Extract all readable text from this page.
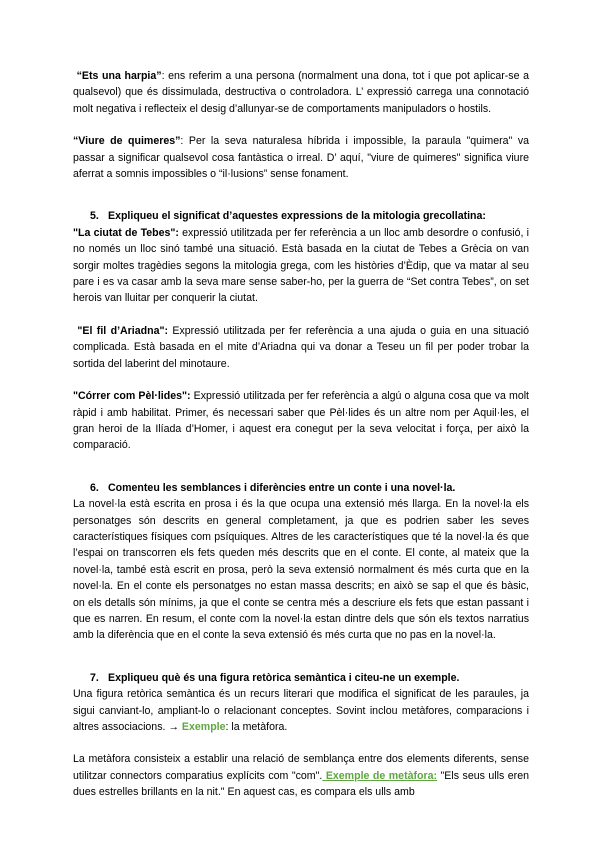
“Ets una harpia”: ens referim a una persona (normalment una dona, tot i que pot aplicar-se a qualsevol) que és dissimulada, destructiva o controladora. L’ expressió carrega una connotació molt negativa i reflecteix el desig d’allunyar-se de comportaments manipuladors o hostils.

“Viure de quimeres”: Per la seva naturalesa híbrida i impossible, la paraula "quimera" va passar a significar qualsevol cosa fantàstica o irreal. D’ aquí, "viure de quimeres" significa viure aferrat a somnis impossibles o “il·lusions” sense fonament.

5. Expliqueu el significat d’aquestes expressions de la mitologia grecollatina:

"La ciutat de Tebes": expressió utilitzada per fer referència a un lloc amb desordre o confusió, i no només un lloc sinó també una situació. Està basada en la ciutat de Tebes a Grècia on van sorgir moltes tragèdies segons la mitologia grega, com les històries d’Èdip, que va matar al seu pare i es va casar amb la seva mare sense saber-ho, per la guerra de “Set contra Tebes”, on set herois van lluitar per conquerir la ciutat.

"El fil d’Ariadna": Expressió utilitzada per fer referència a una ajuda o guia en una situació complicada. Està basada en el mite d’Ariadna qui va donar a Teseu un fil per poder trobar la sortida del laberint del minotaure.

"Córrer com Pèl·lides": Expressió utilitzada per fer referència a algú o alguna cosa que va molt ràpid i amb habilitat. Primer, és necessari saber que Pèl·lides és un altre nom per Aquil·les, el gran heroi de la Ilíada d’Homer, i aquest era conegut per la seva velocitat i força, per això la comparació.

6. Comenteu les semblances i diferències entre un conte i una novel·la.

La novel·la està escrita en prosa i és la que ocupa una extensió més llarga. En la novel·la els personatges són descrits en general completament, ja que es podrien saber les seves característiques físiques com psíquiques. Altres de les característiques que té la novel·la és que l’espai on transcorren els fets queden més descrits que en el conte. El conte, al mateix que la novel·la, també està escrit en prosa, però la seva extensió normalment és més curta que en la novel·la. En el conte els personatges no estan massa descrits; en això se sap el que és bàsic, on els detalls són mínims, ja que el conte se centra més a descriure els fets que estan passant i que es narren. En resum, el conte com la novel·la estan dintre dels que són els textos narratius amb la diferència que en el conte la seva extensió és més curta que no pas en la novel·la.

7. Expliqueu què és una figura retòrica semàntica i citeu-ne un exemple.

Una figura retòrica semàntica és un recurs literari que modifica el significat de les paraules, ja sigui canviant-lo, ampliant-lo o relacionant conceptes. Sovint inclou metàfores, comparacions i altres associacions. → Exemple: la metàfora.

La metàfora consisteix a establir una relació de semblança entre dos elements diferents, sense utilitzar connectors comparatius explícits com "com". Exemple de metàfora: "Els seus ulls eren dues estrelles brillants en la nit." En aquest cas, es compara els ulls amb
